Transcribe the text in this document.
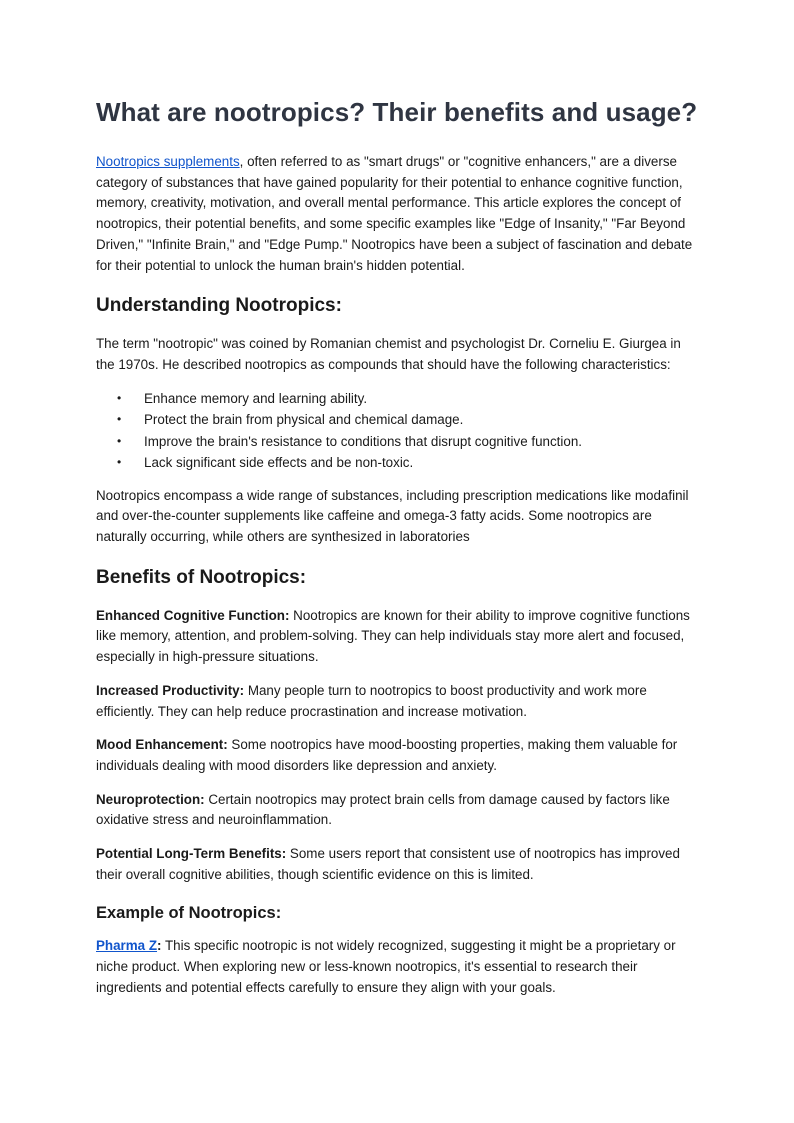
What are nootropics? Their benefits and usage?

Nootropics supplements, often referred to as "smart drugs" or "cognitive enhancers," are a diverse category of substances that have gained popularity for their potential to enhance cognitive function, memory, creativity, motivation, and overall mental performance. This article explores the concept of nootropics, their potential benefits, and some specific examples like "Edge of Insanity," "Far Beyond Driven," "Infinite Brain," and "Edge Pump." Nootropics have been a subject of fascination and debate for their potential to unlock the human brain's hidden potential.

Understanding Nootropics:

The term "nootropic" was coined by Romanian chemist and psychologist Dr. Corneliu E. Giurgea in the 1970s. He described nootropics as compounds that should have the following characteristics:

• Enhance memory and learning ability.
• Protect the brain from physical and chemical damage.
• Improve the brain's resistance to conditions that disrupt cognitive function.
• Lack significant side effects and be non-toxic.

Nootropics encompass a wide range of substances, including prescription medications like modafinil and over-the-counter supplements like caffeine and omega-3 fatty acids. Some nootropics are naturally occurring, while others are synthesized in laboratories

Benefits of Nootropics:

Enhanced Cognitive Function: Nootropics are known for their ability to improve cognitive functions like memory, attention, and problem-solving. They can help individuals stay more alert and focused, especially in high-pressure situations.

Increased Productivity: Many people turn to nootropics to boost productivity and work more efficiently. They can help reduce procrastination and increase motivation.

Mood Enhancement: Some nootropics have mood-boosting properties, making them valuable for individuals dealing with mood disorders like depression and anxiety.

Neuroprotection: Certain nootropics may protect brain cells from damage caused by factors like oxidative stress and neuroinflammation.

Potential Long-Term Benefits: Some users report that consistent use of nootropics has improved their overall cognitive abilities, though scientific evidence on this is limited.

Example of Nootropics:

Pharma Z: This specific nootropic is not widely recognized, suggesting it might be a proprietary or niche product. When exploring new or less-known nootropics, it's essential to research their ingredients and potential effects carefully to ensure they align with your goals.
